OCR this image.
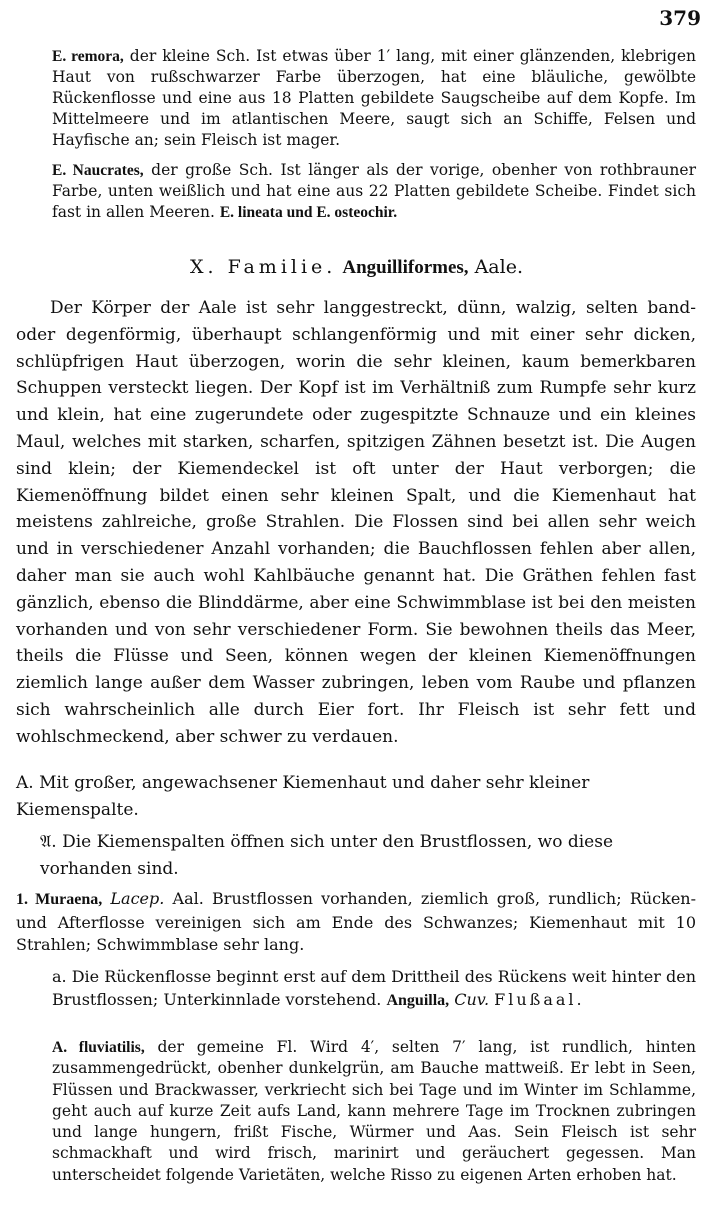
379
E. remora, der kleine Sch. Ist etwas über 1′ lang, mit einer glänzenden, klebrigen Haut von rußschwarzer Farbe überzogen, hat eine bläuliche, gewölbte Rückenflosse und eine aus 18 Platten gebildete Saugscheibe auf dem Kopfe. Im Mittelmeere und im atlantischen Meere, saugt sich an Schiffe, Felsen und Hayfische an; sein Fleisch ist mager.
E. Naucrates, der große Sch. Ist länger als der vorige, obenher von rothbrauner Farbe, unten weißlich und hat eine aus 22 Platten gebildete Scheibe. Findet sich fast in allen Meeren. E. lineata und E. osteochir.
X. Familie. Anguilliformes, Aale.
Der Körper der Aale ist sehr langgestreckt, dünn, walzig, selten band- oder degenförmig, überhaupt schlangenförmig und mit einer sehr dicken, schlüpfrigen Haut überzogen, worin die sehr kleinen, kaum bemerkbaren Schuppen versteckt liegen. Der Kopf ist im Verhältniß zum Rumpfe sehr kurz und klein, hat eine zugerundete oder zugespitzte Schnauze und ein kleines Maul, welches mit starken, scharfen, spitzigen Zähnen besetzt ist. Die Augen sind klein; der Kiemendeckel ist oft unter der Haut verborgen; die Kiemenöffnung bildet einen sehr kleinen Spalt, und die Kiemenhaut hat meistens zahlreiche, große Strahlen. Die Flossen sind bei allen sehr weich und in verschiedener Anzahl vorhanden; die Bauchflossen fehlen aber allen, daher man sie auch wohl Kahlbäuche genannt hat. Die Gräthen fehlen fast gänzlich, ebenso die Blinddärme, aber eine Schwimmblase ist bei den meisten vorhanden und von sehr verschiedener Form. Sie bewohnen theils das Meer, theils die Flüsse und Seen, können wegen der kleinen Kiemenöffnungen ziemlich lange außer dem Wasser zubringen, leben vom Raube und pflanzen sich wahrscheinlich alle durch Eier fort. Ihr Fleisch ist sehr fett und wohlschmeckend, aber schwer zu verdauen.
A. Mit großer, angewachsener Kiemenhaut und daher sehr kleiner Kiemenspalte.
𝔄. Die Kiemenspalten öffnen sich unter den Brustflossen, wo diese vorhanden sind.
1. Muraena, Lacep. Aal. Brustflossen vorhanden, ziemlich groß, rundlich; Rücken- und Afterflosse vereinigen sich am Ende des Schwanzes; Kiemenhaut mit 10 Strahlen; Schwimmblase sehr lang.
a. Die Rückenflosse beginnt erst auf dem Drittheil des Rückens weit hinter den Brustflossen; Unterkinnlade vorstehend. Anguilla, Cuv. Flußaal.
A. fluviatilis, der gemeine Fl. Wird 4′, selten 7′ lang, ist rundlich, hinten zusammengedrückt, obenher dunkelgrün, am Bauche mattweiß. Er lebt in Seen, Flüssen und Brackwasser, verkriecht sich bei Tage und im Winter im Schlamme, geht auch auf kurze Zeit aufs Land, kann mehrere Tage im Trocknen zubringen und lange hungern, frißt Fische, Würmer und Aas. Sein Fleisch ist sehr schmackhaft und wird frisch, marinirt und geräuchert gegessen. Man unterscheidet folgende Varietäten, welche Risso zu eigenen Arten erhoben hat.
